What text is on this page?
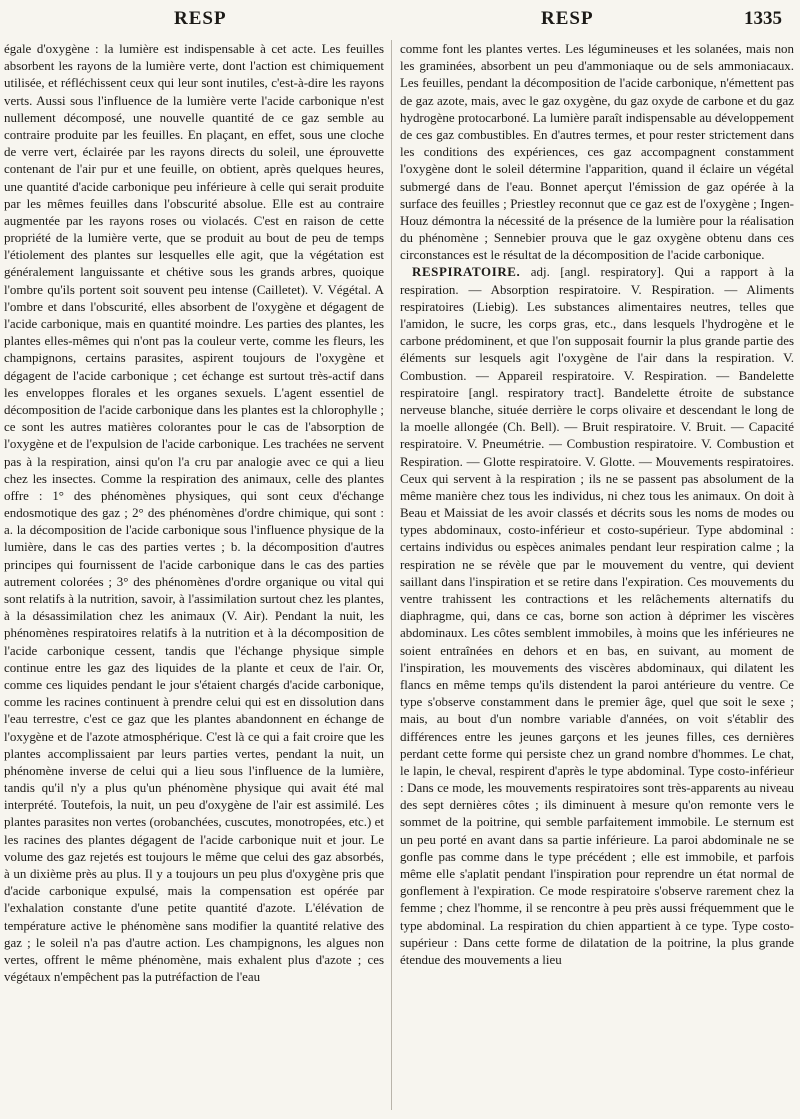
RESP	RESP	1335

égale d'oxygène : la lumière est indispensable à cet acte. Les feuilles absorbent les rayons de la lumière verte, dont l'action est chimiquement utilisée, et réfléchissent ceux qui leur sont inutiles, c'est-à-dire les rayons verts. Aussi sous l'influence de la lumière verte l'acide carbonique n'est nullement décomposé, une nouvelle quantité de ce gaz semble au contraire produite par les feuilles. En plaçant, en effet, sous une cloche de verre vert, éclairée par les rayons directs du soleil, une éprouvette contenant de l'air pur et une feuille, on obtient, après quelques heures, une quantité d'acide carbonique peu inférieure à celle qui serait produite par les mêmes feuilles dans l'obscurité absolue. Elle est au contraire augmentée par les rayons roses ou violacés. C'est en raison de cette propriété de la lumière verte, que se produit au bout de peu de temps l'étiolement des plantes sur lesquelles elle agit, que la végétation est généralement languissante et chétive sous les grands arbres, quoique l'ombre qu'ils portent soit souvent peu intense (Cailletet). V. Végétal. A l'ombre et dans l'obscurité, elles absorbent de l'oxygène et dégagent de l'acide carbonique, mais en quantité moindre. Les parties des plantes, les plantes elles-mêmes qui n'ont pas la couleur verte, comme les fleurs, les champignons, certains parasites, aspirent toujours de l'oxygène et dégagent de l'acide carbonique ; cet échange est surtout très-actif dans les enveloppes florales et les organes sexuels. L'agent essentiel de décomposition de l'acide carbonique dans les plantes est la chlorophylle ; ce sont les autres matières colorantes pour le cas de l'absorption de l'oxygène et de l'expulsion de l'acide carbonique. Les trachées ne servent pas à la respiration, ainsi qu'on l'a cru par analogie avec ce qui a lieu chez les insectes. Comme la respiration des animaux, celle des plantes offre : 1° des phénomènes physiques, qui sont ceux d'échange endosmotique des gaz ; 2° des phénomènes d'ordre chimique, qui sont : a. la décomposition de l'acide carbonique sous l'influence physique de la lumière, dans le cas des parties vertes ; b. la décomposition d'autres principes qui fournissent de l'acide carbonique dans le cas des parties autrement colorées ; 3° des phénomènes d'ordre organique ou vital qui sont relatifs à la nutrition, savoir, à l'assimilation surtout chez les plantes, à la désassimilation chez les animaux (V. Air). Pendant la nuit, les phénomènes respiratoires relatifs à la nutrition et à la décomposition de l'acide carbonique cessent, tandis que l'échange physique simple continue entre les gaz des liquides de la plante et ceux de l'air. Or, comme ces liquides pendant le jour s'étaient chargés d'acide carbonique, comme les racines continuent à prendre celui qui est en dissolution dans l'eau terrestre, c'est ce gaz que les plantes abandonnent en échange de l'oxygène et de l'azote atmosphérique. C'est là ce qui a fait croire que les plantes accomplissaient par leurs parties vertes, pendant la nuit, un phénomène inverse de celui qui a lieu sous l'influence de la lumière, tandis qu'il n'y a plus qu'un phénomène physique qui avait été mal interprété. Toutefois, la nuit, un peu d'oxygène de l'air est assimilé. Les plantes parasites non vertes (orobanchées, cuscutes, monotropées, etc.) et les racines des plantes dégagent de l'acide carbonique nuit et jour. Le volume des gaz rejetés est toujours le même que celui des gaz absorbés, à un dixième près au plus. Il y a toujours un peu plus d'oxygène pris que d'acide carbonique expulsé, mais la compensation est opérée par l'exhalation constante d'une petite quantité d'azote. L'élévation de température active le phénomène sans modifier la quantité relative des gaz ; le soleil n'a pas d'autre action. Les champignons, les algues non vertes, offrent le même phénomène, mais exhalent plus d'azote ; ces végétaux n'empêchent pas la putréfaction de l'eau

comme font les plantes vertes. Les légumineuses et les solanées, mais non les graminées, absorbent un peu d'ammoniaque ou de sels ammoniacaux. Les feuilles, pendant la décomposition de l'acide carbonique, n'émettent pas de gaz azote, mais, avec le gaz oxygène, du gaz oxyde de carbone et du gaz hydrogène protocarboné. La lumière paraît indispensable au développement de ces gaz combustibles. En d'autres termes, et pour rester strictement dans les conditions des expériences, ces gaz accompagnent constamment l'oxygène dont le soleil détermine l'apparition, quand il éclaire un végétal submergé dans de l'eau. Bonnet aperçut l'émission de gaz opérée à la surface des feuilles ; Priestley reconnut que ce gaz est de l'oxygène ; Ingen-Houz démontra la nécessité de la présence de la lumière pour la réalisation du phénomène ; Sennebier prouva que le gaz oxygène obtenu dans ces circonstances est le résultat de la décomposition de l'acide carbonique.

RESPIRATOIRE. adj. [angl. respiratory]. Qui a rapport à la respiration. — Absorption respiratoire. V. Respiration. — Aliments respiratoires (Liebig). Les substances alimentaires neutres, telles que l'amidon, le sucre, les corps gras, etc., dans lesquels l'hydrogène et le carbone prédominent, et que l'on supposait fournir la plus grande partie des éléments sur lesquels agit l'oxygène de l'air dans la respiration. V. Combustion. — Appareil respiratoire. V. Respiration. — Bandelette respiratoire [angl. respiratory tract]. Bandelette étroite de substance nerveuse blanche, située derrière le corps olivaire et descendant le long de la moelle allongée (Ch. Bell). — Bruit respiratoire. V. Bruit. — Capacité respiratoire. V. Pneumétrie. — Combustion respiratoire. V. Combustion et Respiration. — Glotte respiratoire. V. Glotte. — Mouvements respiratoires. Ceux qui servent à la respiration ; ils ne se passent pas absolument de la même manière chez tous les individus, ni chez tous les animaux. On doit à Beau et Maissiat de les avoir classés et décrits sous les noms de modes ou types abdominaux, costo-inférieur et costo-supérieur. Type abdominal : certains individus ou espèces animales pendant leur respiration calme ; la respiration ne se révèle que par le mouvement du ventre, qui devient saillant dans l'inspiration et se retire dans l'expiration. Ces mouvements du ventre trahissent les contractions et les relâchements alternatifs du diaphragme, qui, dans ce cas, borne son action à déprimer les viscères abdominaux. Les côtes semblent immobiles, à moins que les inférieures ne soient entraînées en dehors et en bas, en suivant, au moment de l'inspiration, les mouvements des viscères abdominaux, qui dilatent les flancs en même temps qu'ils distendent la paroi antérieure du ventre. Ce type s'observe constamment dans le premier âge, quel que soit le sexe ; mais, au bout d'un nombre variable d'années, on voit s'établir des différences entre les jeunes garçons et les jeunes filles, ces dernières perdant cette forme qui persiste chez un grand nombre d'hommes. Le chat, le lapin, le cheval, respirent d'après le type abdominal. Type costo-inférieur : Dans ce mode, les mouvements respiratoires sont très-apparents au niveau des sept dernières côtes ; ils diminuent à mesure qu'on remonte vers le sommet de la poitrine, qui semble parfaitement immobile. Le sternum est un peu porté en avant dans sa partie inférieure. La paroi abdominale ne se gonfle pas comme dans le type précédent ; elle est immobile, et parfois même elle s'aplatit pendant l'inspiration pour reprendre un état normal de gonflement à l'expiration. Ce mode respiratoire s'observe rarement chez la femme ; chez l'homme, il se rencontre à peu près aussi fréquemment que le type abdominal. La respiration du chien appartient à ce type. Type costo-supérieur : Dans cette forme de dilatation de la poitrine, la plus grande étendue des mouvements a lieu
